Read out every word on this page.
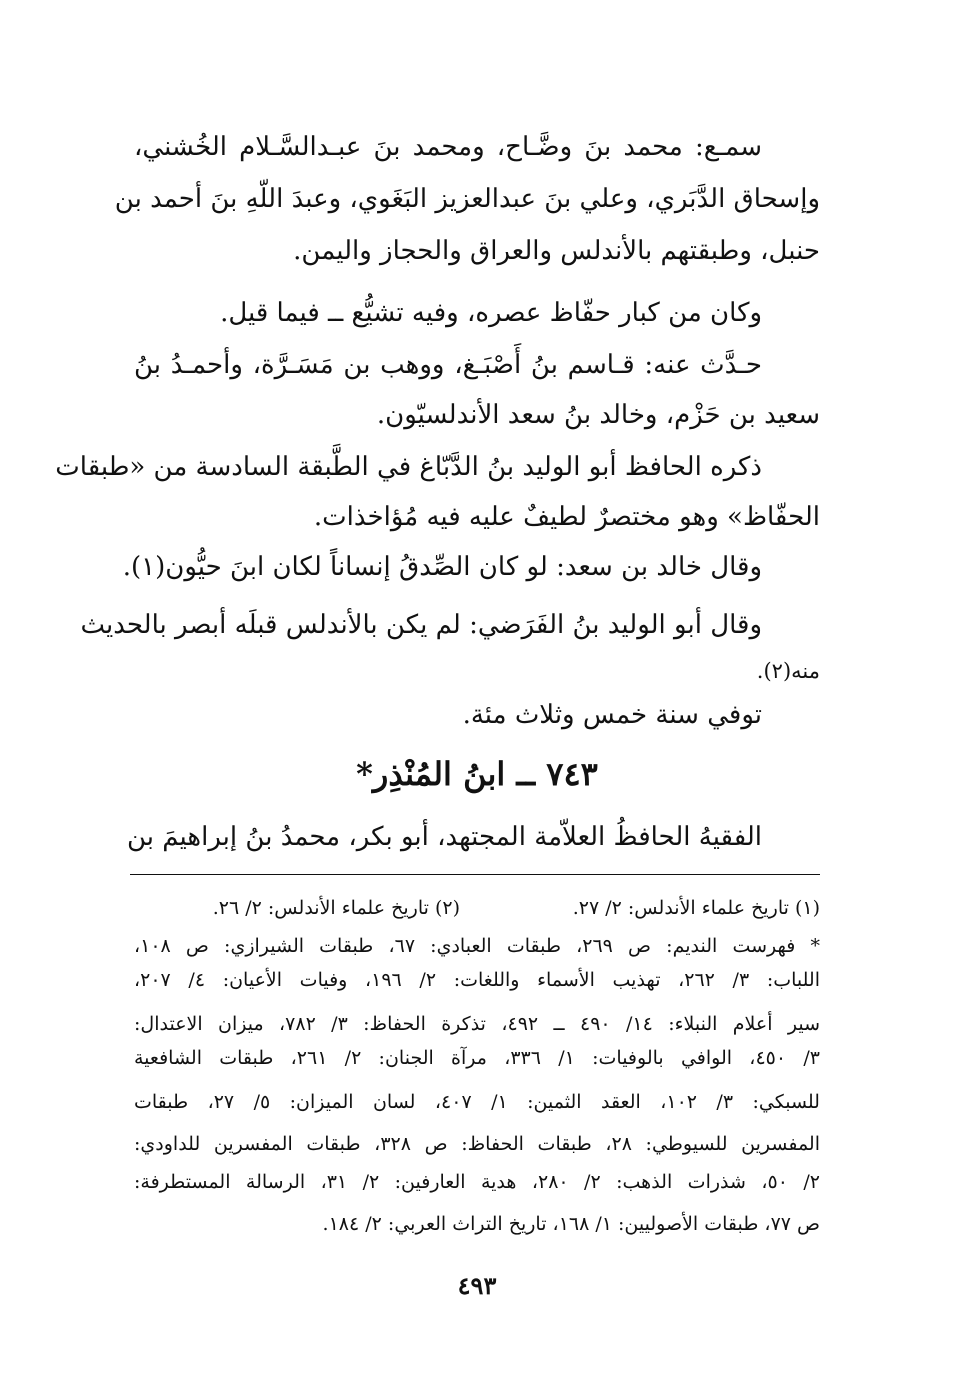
سمـع: محمد بنَ وضَّـاح، ومحمد بنَ عبـدالسَّـلام الخُشني،
وإسحاق الدَّبَري، وعلي بنَ عبدالعزيز البَغَوي، وعبدَ اللّهِ بنَ أحمد بن
حنبل، وطبقتهم بالأندلس والعراق والحجاز واليمن.
وكان من كبار حفّاظ عصره، وفيه تشيُّع ــ فيما قيل.
حـدَّث عنه: قـاسم بنُ أَصْبَـغ، ووهب بن مَسَـرَّة، وأحمـدُ بنُ
سعيد بن حَزْم، وخالد بنُ سعد الأندلسيّون.
ذكره الحافظ أبو الوليد بنُ الدَّبّاغ في الطَّبقة السادسة من «طبقات
الحفّاظ» وهو مختصرٌ لطيفٌ عليه فيه مُؤاخذات.
وقال خالد بن سعد: لو كان الصِّدقُ إنساناً لكان ابنَ حيُّون(١).
وقال أبو الوليد بنُ الفَرَضي: لم يكن بالأندلس قبلَه أبصر بالحديث
منه(٢).
توفي سنة خمس وثلاث مئة.
٧٤٣ ــ ابنُ المُنْذِر*
الفقيهُ الحافظُ العلاّمة المجتهد، أبو بكر، محمدُ بنُ إبراهيمَ بن
(١) تاريخ علماء الأندلس: ٢/ ٢٧.
(٢) تاريخ علماء الأندلس: ٢/ ٢٦.
* فهرست النديم: ص ٢٦٩، طبقات العبادي: ٦٧، طبقات الشيرازي: ص ١٠٨،
اللباب: ٣/ ٢٦٢، تهذيب الأسماء واللغات: ٢/ ١٩٦، وفيات الأعيان: ٤/ ٢٠٧،
سير أعلام النبلاء: ١٤/ ٤٩٠ ــ ٤٩٢، تذكرة الحفاظ: ٣/ ٧٨٢، ميزان الاعتدال:
٣/ ٤٥٠، الوافي بالوفيات: ١/ ٣٣٦، مرآة الجنان: ٢/ ٢٦١، طبقات الشافعية
للسبكي: ٣/ ١٠٢، العقد الثمين: ١/ ٤٠٧، لسان الميزان: ٥/ ٢٧، طبقات
المفسرين للسيوطي: ٢٨، طبقات الحفاظ: ص ٣٢٨، طبقات المفسرين للداودي:
٢/ ٥٠، شذرات الذهب: ٢/ ٢٨٠، هدية العارفين: ٢/ ٣١، الرسالة المستطرفة:
ص ٧٧، طبقات الأصوليين: ١/ ١٦٨، تاريخ التراث العربي: ٢/ ١٨٤.
٤٩٣
